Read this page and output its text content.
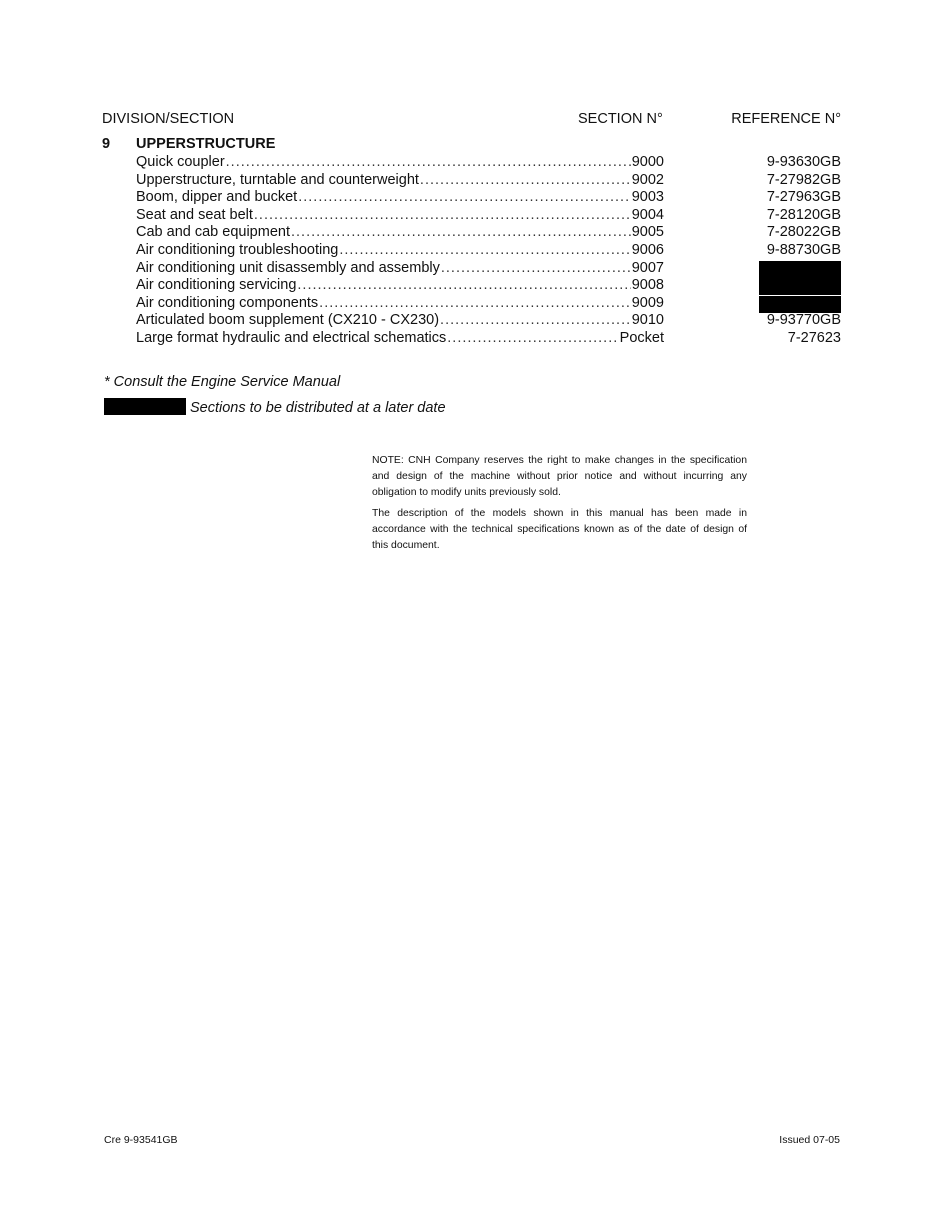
DIVISION/SECTION	SECTION N°	REFERENCE N°
9 UPPERSTRUCTURE
Quick coupler .....	9000	9-93630GB
Upperstructure, turntable and counterweight .....	9002	7-27982GB
Boom, dipper and bucket .....	9003	7-27963GB
Seat and seat belt .....	9004	7-28120GB
Cab and cab equipment .....	9005	7-28022GB
Air conditioning troubleshooting .....	9006	9-88730GB
Air conditioning unit disassembly and assembly .....	9007
Air conditioning servicing .....	9008
Air conditioning components .....	9009
Articulated boom supplement (CX210 - CX230) .....	9010	9-93770GB
Large format hydraulic and electrical schematics .....	Pocket	7-27623
* Consult the Engine Service Manual
Sections to be distributed at a later date
NOTE: CNH Company reserves the right to make changes in the specification and design of the machine without prior notice and without incurring any obligation to modify units previously sold.
The description of the models shown in this manual has been made in accordance with the technical specifications known as of the date of design of this document.
Cre 9-93541GB	Issued 07-05
